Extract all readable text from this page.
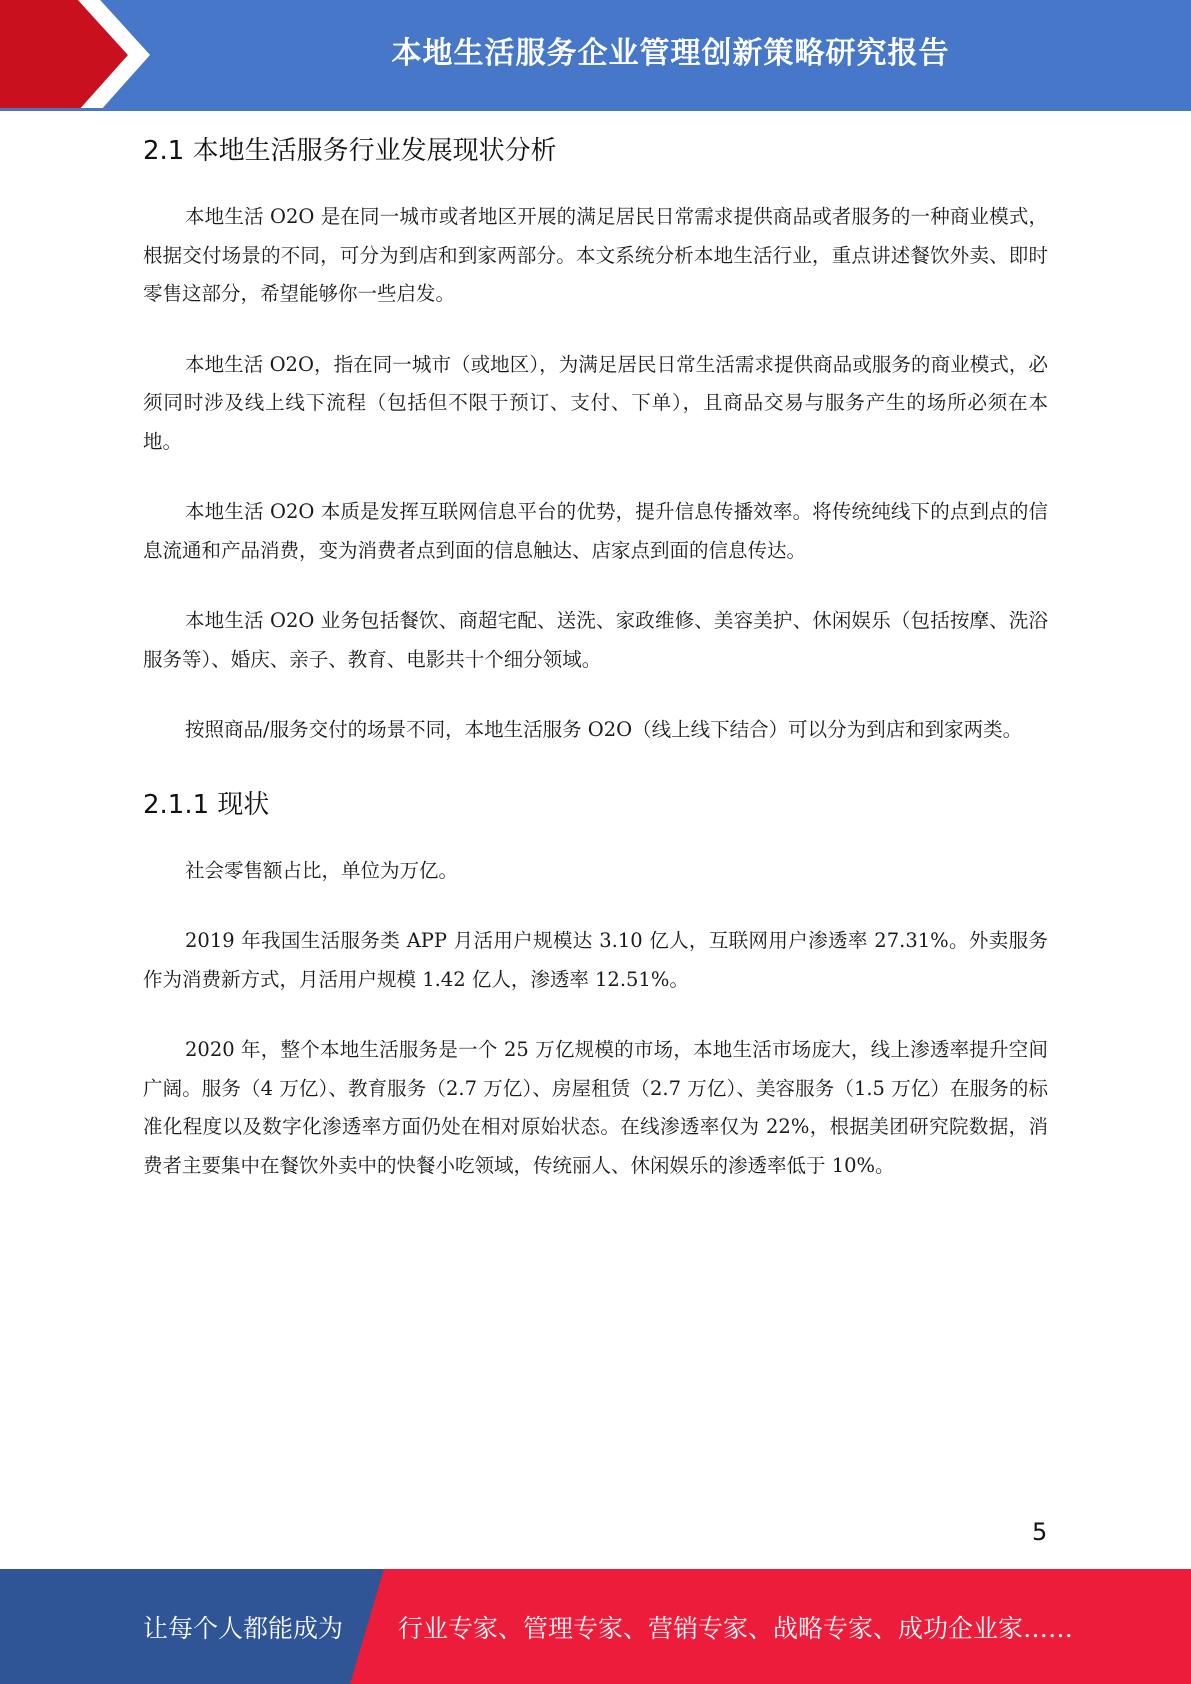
本地生活服务企业管理创新策略研究报告
2.1 本地生活服务行业发展现状分析

本地生活 O2O 是在同一城市或者地区开展的满足居民日常需求提供商品或者服务的一种商业模式，根据交付场景的不同，可分为到店和到家两部分。本文系统分析本地生活行业，重点讲述餐饮外卖、即时零售这部分，希望能够你一些启发。

本地生活 O2O，指在同一城市（或地区），为满足居民日常生活需求提供商品或服务的商业模式，必须同时涉及线上线下流程（包括但不限于预订、支付、下单），且商品交易与服务产生的场所必须在本地。

本地生活 O2O 本质是发挥互联网信息平台的优势，提升信息传播效率。将传统纯线下的点到点的信息流通和产品消费，变为消费者点到面的信息触达、店家点到面的信息传达。

本地生活 O2O 业务包括餐饮、商超宅配、送洗、家政维修、美容美护、休闲娱乐（包括按摩、洗浴服务等）、婚庆、亲子、教育、电影共十个细分领域。

按照商品/服务交付的场景不同，本地生活服务 O2O（线上线下结合）可以分为到店和到家两类。

2.1.1 现状

社会零售额占比，单位为万亿。

2019 年我国生活服务类 APP 月活用户规模达 3.10 亿人，互联网用户渗透率 27.31%。外卖服务作为消费新方式，月活用户规模 1.42 亿人，渗透率 12.51%。

2020 年，整个本地生活服务是一个 25 万亿规模的市场，本地生活市场庞大，线上渗透率提升空间广阔。服务（4 万亿）、教育服务（2.7 万亿）、房屋租赁（2.7 万亿）、美容服务（1.5 万亿）在服务的标准化程度以及数字化渗透率方面仍处在相对原始状态。在线渗透率仅为 22%，根据美团研究院数据，消费者主要集中在餐饮外卖中的快餐小吃领域，传统丽人、休闲娱乐的渗透率低于 10%。

5
让每个人都能成为 行业专家、管理专家、营销专家、战略专家、成功企业家……
